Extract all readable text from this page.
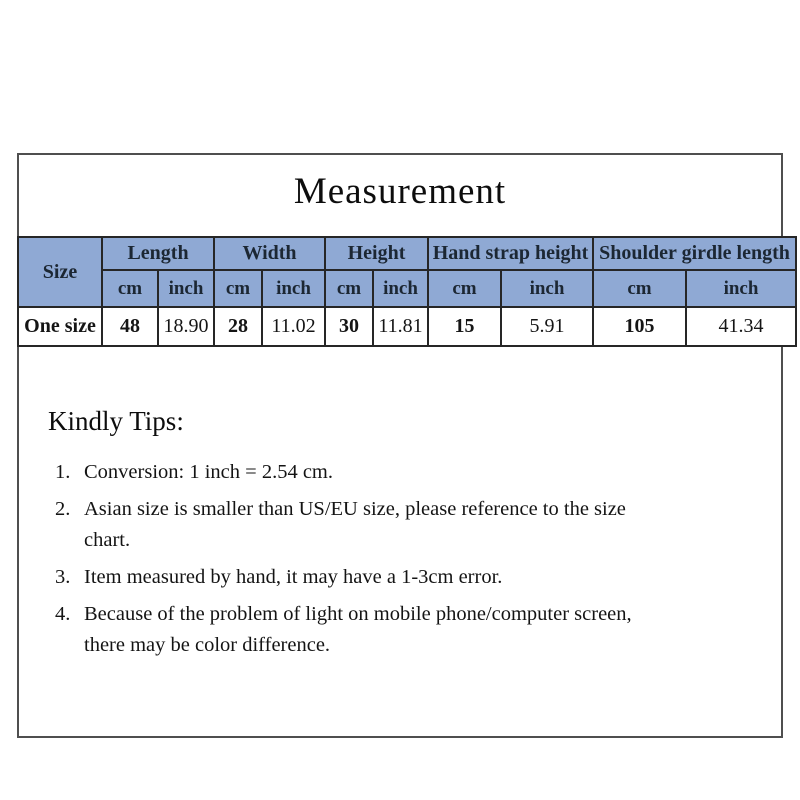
Measurement
Size	Length		Width		Height		Hand strap height		Shoulder girdle length	
	cm	inch	cm	inch	cm	inch	cm	inch	cm	inch
One size	48	18.90	28	11.02	30	11.81	15	5.91	105	41.34
Kindly Tips:
1. Conversion: 1 inch = 2.54 cm.
2. Asian size is smaller than US/EU size, please reference to the size chart.
3. Item measured by hand, it may have a 1-3cm error.
4. Because of the problem of light on mobile phone/computer screen, there may be color difference.
